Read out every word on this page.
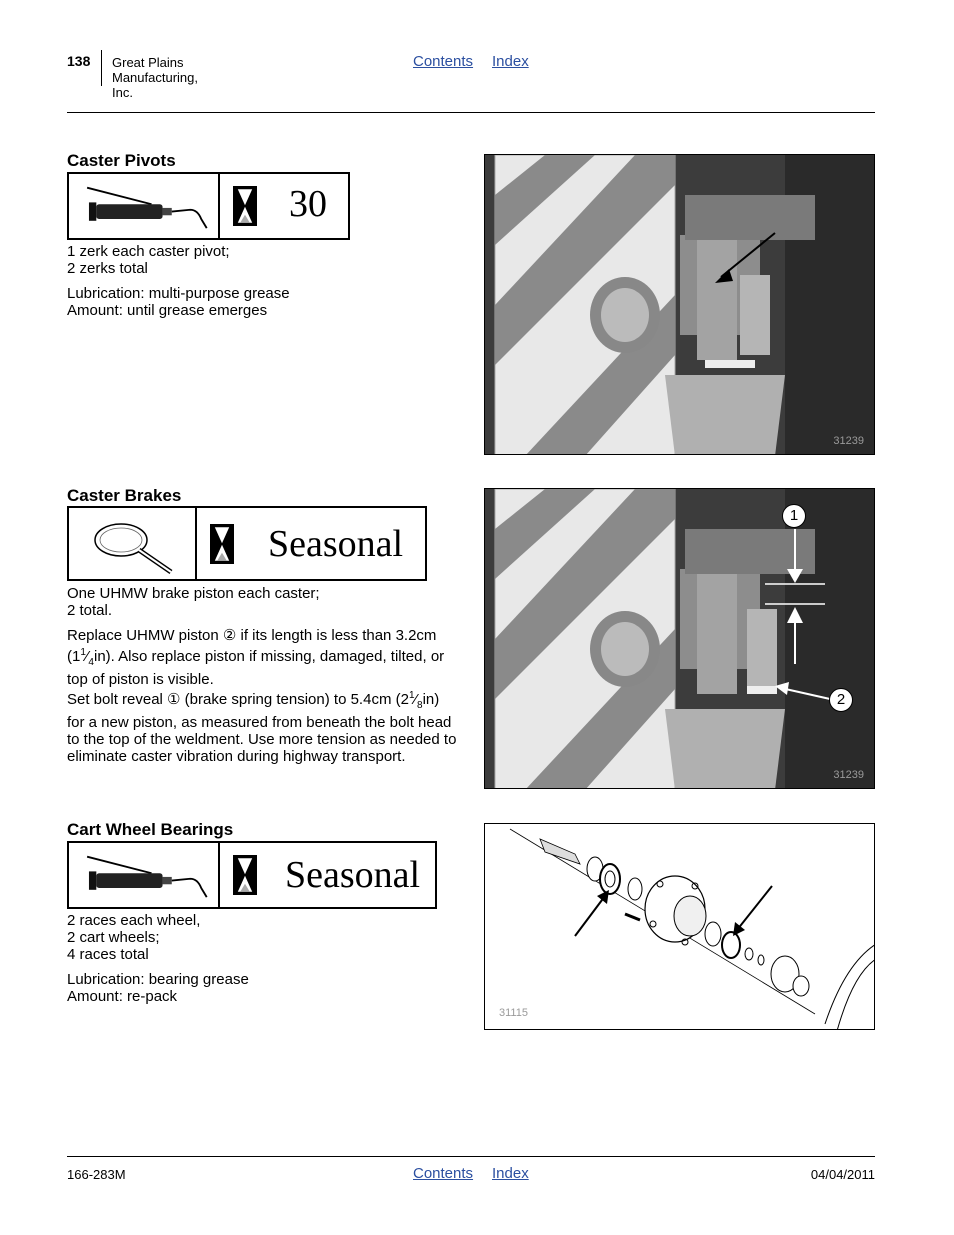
138 Great Plains Manufacturing, Inc.
Contents Index
Caster Pivots
30

1 zerk each caster pivot;

2 zerks total

Lubrication: multi-purpose grease

Amount: until grease emerges

31239
Caster Brakes
Seasonal

One UHMW brake piston each caster;

2 total.

Replace UHMW piston ② if its length is less than 3.2cm $(1^1⁄_4in)$. Also replace piston if missing, damaged, tilted, or top of piston is visible.

Set bolt reveal ① (brake spring tension) to 5.4cm $(2^1⁄_8in)$ for a new piston, as measured from beneath the bolt head to the top of the weldment. Use more tension as needed to eliminate caster vibration during highway transport.

1
2
31239
Cart Wheel Bearings
Seasonal

2 races each wheel,

2 cart wheels;

4 races total

Lubrication: bearing grease

Amount: re-pack

31115
166-283M	Contents Index	04/04/2011
